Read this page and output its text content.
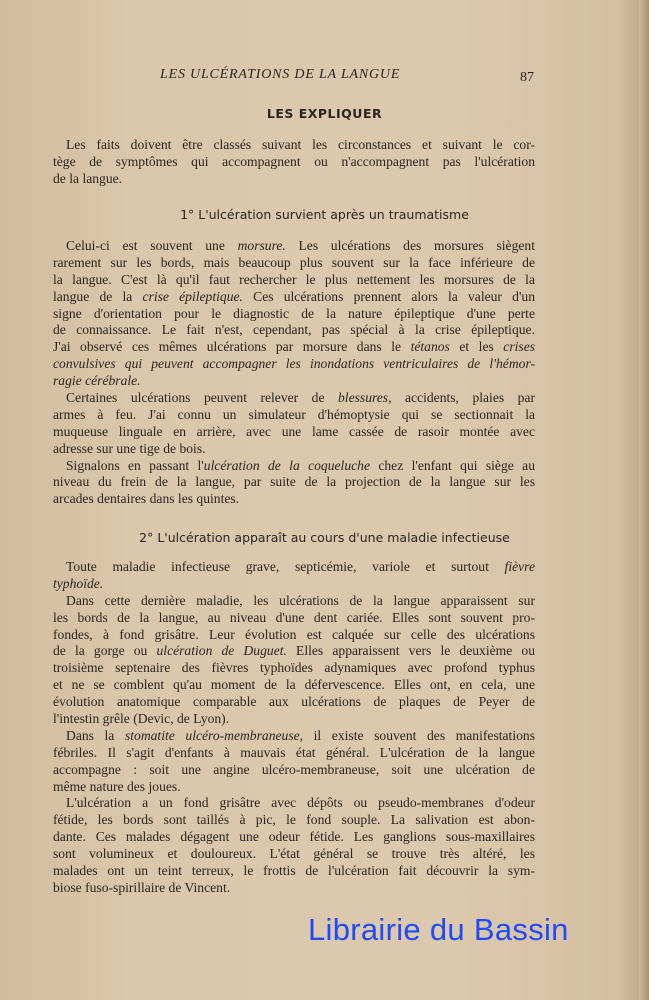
LES ULCÉRATIONS DE LA LANGUE	87
LES EXPLIQUER
Les faits doivent être classés suivant les circonstances et suivant le cor-
tège de symptômes qui accompagnent ou n'accompagnent pas l'ulcération
de la langue.
1° L'ulcération survient après un traumatisme
Celui-ci est souvent une morsure. Les ulcérations des morsures siègent
rarement sur les bords, mais beaucoup plus souvent sur la face inférieure de
la langue. C'est là qu'il faut rechercher le plus nettement les morsures de la
langue de la crise épileptique. Ces ulcérations prennent alors la valeur d'un
signe d'orientation pour le diagnostic de la nature épileptique d'une perte
de connaissance. Le fait n'est, cependant, pas spécial à la crise épileptique.
J'ai observé ces mêmes ulcérations par morsure dans le tétanos et les crises
convulsives qui peuvent accompagner les inondations ventriculaires de l'hémor-
ragie cérébrale.
Certaines ulcérations peuvent relever de blessures, accidents, plaies par
armes à feu. J'ai connu un simulateur d'hémoptysie qui se sectionnait la
muqueuse linguale en arrière, avec une lame cassée de rasoir montée avec
adresse sur une tige de bois.
Signalons en passant l'ulcération de la coqueluche chez l'enfant qui siège au
niveau du frein de la langue, par suite de la projection de la langue sur les
arcades dentaires dans les quintes.
2° L'ulcération apparaît au cours d'une maladie infectieuse
Toute maladie infectieuse grave, septicémie, variole et surtout fièvre
typhoïde.
Dans cette dernière maladie, les ulcérations de la langue apparaissent sur
les bords de la langue, au niveau d'une dent cariée. Elles sont souvent pro-
fondes, à fond grisâtre. Leur évolution est calquée sur celle des ulcérations
de la gorge ou ulcération de Duguet. Elles apparaissent vers le deuxième ou
troisième septenaire des fièvres typhoïdes adynamiques avec profond typhus
et ne se comblent qu'au moment de la défervescence. Elles ont, en cela, une
évolution anatomique comparable aux ulcérations de plaques de Peyer de
l'intestin grêle (Devic, de Lyon).
Dans la stomatite ulcéro-membraneuse, il existe souvent des manifestations
fébriles. Il s'agit d'enfants à mauvais état général. L'ulcération de la langue
accompagne : soit une angine ulcéro-membraneuse, soit une ulcération de
même nature des joues.
L'ulcération a un fond grisâtre avec dépôts ou pseudo-membranes d'odeur
fétide, les bords sont taillés à pic, le fond souple. La salivation est abon-
dante. Ces malades dégagent une odeur fétide. Les ganglions sous-maxillaires
sont volumineux et douloureux. L'état général se trouve très altéré, les
malades ont un teint terreux, le frottis de l'ulcération fait découvrir la sym-
biose fuso-spirillaire de Vincent.
Librairie du Bassin
